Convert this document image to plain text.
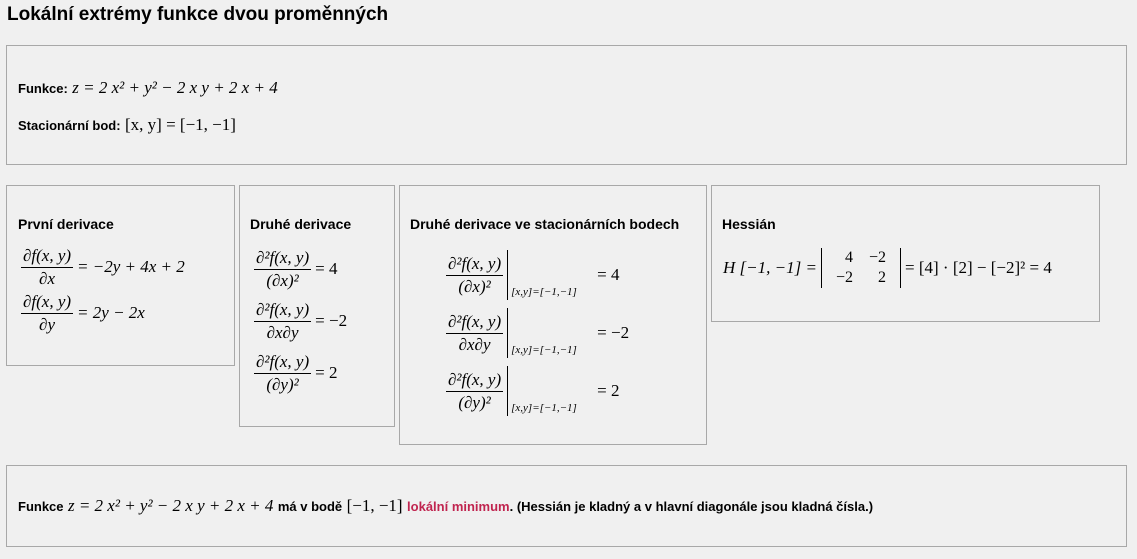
Lokální extrémy funkce dvou proměnných
Funkce: z = 2 x² + y² − 2 x y + 2 x + 4
Stacionární bod: [x, y] = [−1, −1]
První derivace
$\frac{\partial f(x, y)}{\partial x} = -2y + 4x + 2$
$\frac{\partial f(x, y)}{\partial y} = 2y - 2x$
Druhé derivace
$\frac{\text{∂²f(x, y)}}{\text{(∂x)²}} = 4$
$\frac{\text{∂²f(x, y)}}{\partial x\partial y} = -2$
$\frac{\text{∂²f(x, y)}}{\text{(∂y)²}} = 2$
Druhé derivace ve stacionárních bodech
$\frac{\text{∂²f(x, y)}}{\text{(∂x)²}} [x,y]=[-1,-1]$
= 4
$\frac{\text{∂²f(x, y)}}{\partial x\partial y} [x,y]=[-1,-1]$
= −2
$\frac{\text{∂²f(x, y)}}{\text{(∂y)²}} [x,y]=[-1,-1]$
= 2
Hessián
H [−1, −1] =
4	−2
−2	2
= [4] · [2] − [−2]² = 4
Funkce z = 2 x² + y² − 2 x y + 2 x + 4 má v bodě [−1, −1] lokální minimum. (Hessián je kladný a v hlavní diagonále jsou kladná čísla.)
